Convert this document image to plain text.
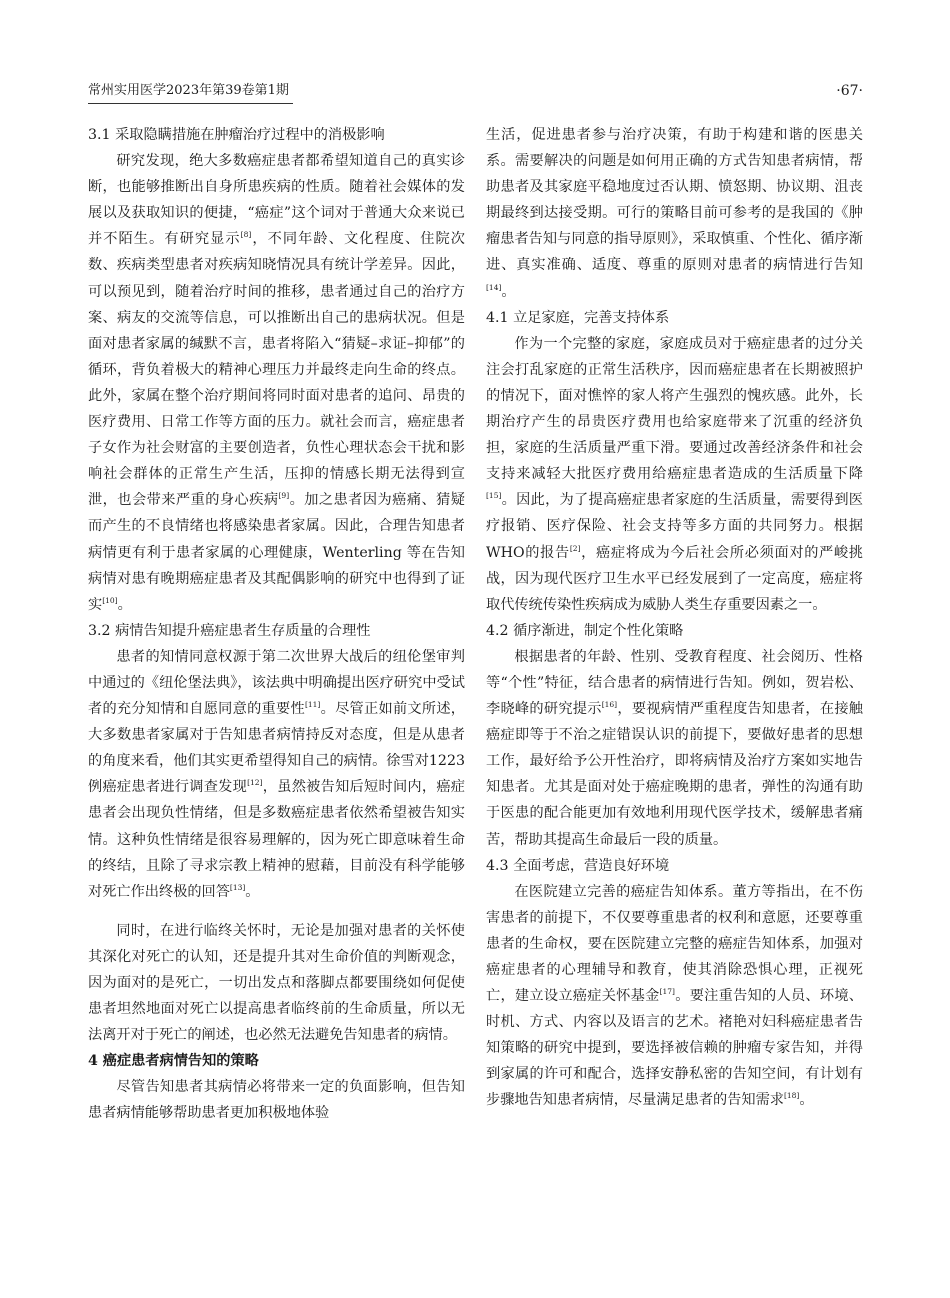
常州实用医学2023年第39卷第1期	·67·
3.1 采取隐瞒措施在肿瘤治疗过程中的消极影响

研究发现，绝大多数癌症患者都希望知道自己的真实诊断，也能够推断出自身所患疾病的性质。随着社会媒体的发展以及获取知识的便捷，“癌症”这个词对于普通大众来说已并不陌生。有研究显示[8]，不同年龄、文化程度、住院次数、疾病类型患者对疾病知晓情况具有统计学差异。因此，可以预见到，随着治疗时间的推移，患者通过自己的治疗方案、病友的交流等信息，可以推断出自己的患病状况。但是面对患者家属的缄默不言，患者将陷入“猜疑–求证–抑郁”的循环，背负着极大的精神心理压力并最终走向生命的终点。此外，家属在整个治疗期间将同时面对患者的追问、昂贵的医疗费用、日常工作等方面的压力。就社会而言，癌症患者子女作为社会财富的主要创造者，负性心理状态会干扰和影响社会群体的正常生产生活，压抑的情感长期无法得到宣泄，也会带来严重的身心疾病[9]。加之患者因为癌痛、猜疑而产生的不良情绪也将感染患者家属。因此，合理告知患者病情更有利于患者家属的心理健康，Wenterling 等在告知病情对患有晚期癌症患者及其配偶影响的研究中也得到了证实[10]。

3.2 病情告知提升癌症患者生存质量的合理性

患者的知情同意权源于第二次世界大战后的纽伦堡审判中通过的《纽伦堡法典》，该法典中明确提出医疗研究中受试者的充分知情和自愿同意的重要性[11]。尽管正如前文所述，大多数患者家属对于告知患者病情持反对态度，但是从患者的角度来看，他们其实更希望得知自己的病情。徐雪对1223例癌症患者进行调查发现[12]，虽然被告知后短时间内，癌症患者会出现负性情绪，但是多数癌症患者依然希望被告知实情。这种负性情绪是很容易理解的，因为死亡即意味着生命的终结，且除了寻求宗教上精神的慰藉，目前没有科学能够对死亡作出终极的回答[13]。

同时，在进行临终关怀时，无论是加强对患者的关怀使其深化对死亡的认知，还是提升其对生命价值的判断观念，因为面对的是死亡，一切出发点和落脚点都要围绕如何促使患者坦然地面对死亡以提高患者临终前的生命质量，所以无法离开对于死亡的阐述，也必然无法避免告知患者的病情。

4 癌症患者病情告知的策略

尽管告知患者其病情必将带来一定的负面影响，但告知患者病情能够帮助患者更加积极地体验

生活，促进患者参与治疗决策，有助于构建和谐的医患关系。需要解决的问题是如何用正确的方式告知患者病情，帮助患者及其家庭平稳地度过否认期、愤怒期、协议期、沮丧期最终到达接受期。可行的策略目前可参考的是我国的《肿瘤患者告知与同意的指导原则》，采取慎重、个性化、循序渐进、真实准确、适度、尊重的原则对患者的病情进行告知[14]。

4.1 立足家庭，完善支持体系

作为一个完整的家庭，家庭成员对于癌症患者的过分关注会打乱家庭的正常生活秩序，因而癌症患者在长期被照护的情况下，面对憔悴的家人将产生强烈的愧疚感。此外，长期治疗产生的昂贵医疗费用也给家庭带来了沉重的经济负担，家庭的生活质量严重下滑。要通过改善经济条件和社会支持来减轻大批医疗费用给癌症患者造成的生活质量下降[15]。因此，为了提高癌症患者家庭的生活质量，需要得到医疗报销、医疗保险、社会支持等多方面的共同努力。根据WHO的报告[2]，癌症将成为今后社会所必须面对的严峻挑战，因为现代医疗卫生水平已经发展到了一定高度，癌症将取代传统传染性疾病成为威胁人类生存重要因素之一。

4.2 循序渐进，制定个性化策略

根据患者的年龄、性别、受教育程度、社会阅历、性格等“个性”特征，结合患者的病情进行告知。例如，贺岩松、李晓峰的研究提示[16]，要视病情严重程度告知患者，在接触癌症即等于不治之症错误认识的前提下，要做好患者的思想工作，最好给予公开性治疗，即将病情及治疗方案如实地告知患者。尤其是面对处于癌症晚期的患者，弹性的沟通有助于医患的配合能更加有效地利用现代医学技术，缓解患者痛苦，帮助其提高生命最后一段的质量。

4.3 全面考虑，营造良好环境

在医院建立完善的癌症告知体系。董方等指出，在不伤害患者的前提下，不仅要尊重患者的权利和意愿，还要尊重患者的生命权，要在医院建立完整的癌症告知体系，加强对癌症患者的心理辅导和教育，使其消除恐惧心理，正视死亡，建立设立癌症关怀基金[17]。要注重告知的人员、环境、时机、方式、内容以及语言的艺术。褚艳对妇科癌症患者告知策略的研究中提到，要选择被信赖的肿瘤专家告知，并得到家属的许可和配合，选择安静私密的告知空间，有计划有步骤地告知患者病情，尽量满足患者的告知需求[18]。
